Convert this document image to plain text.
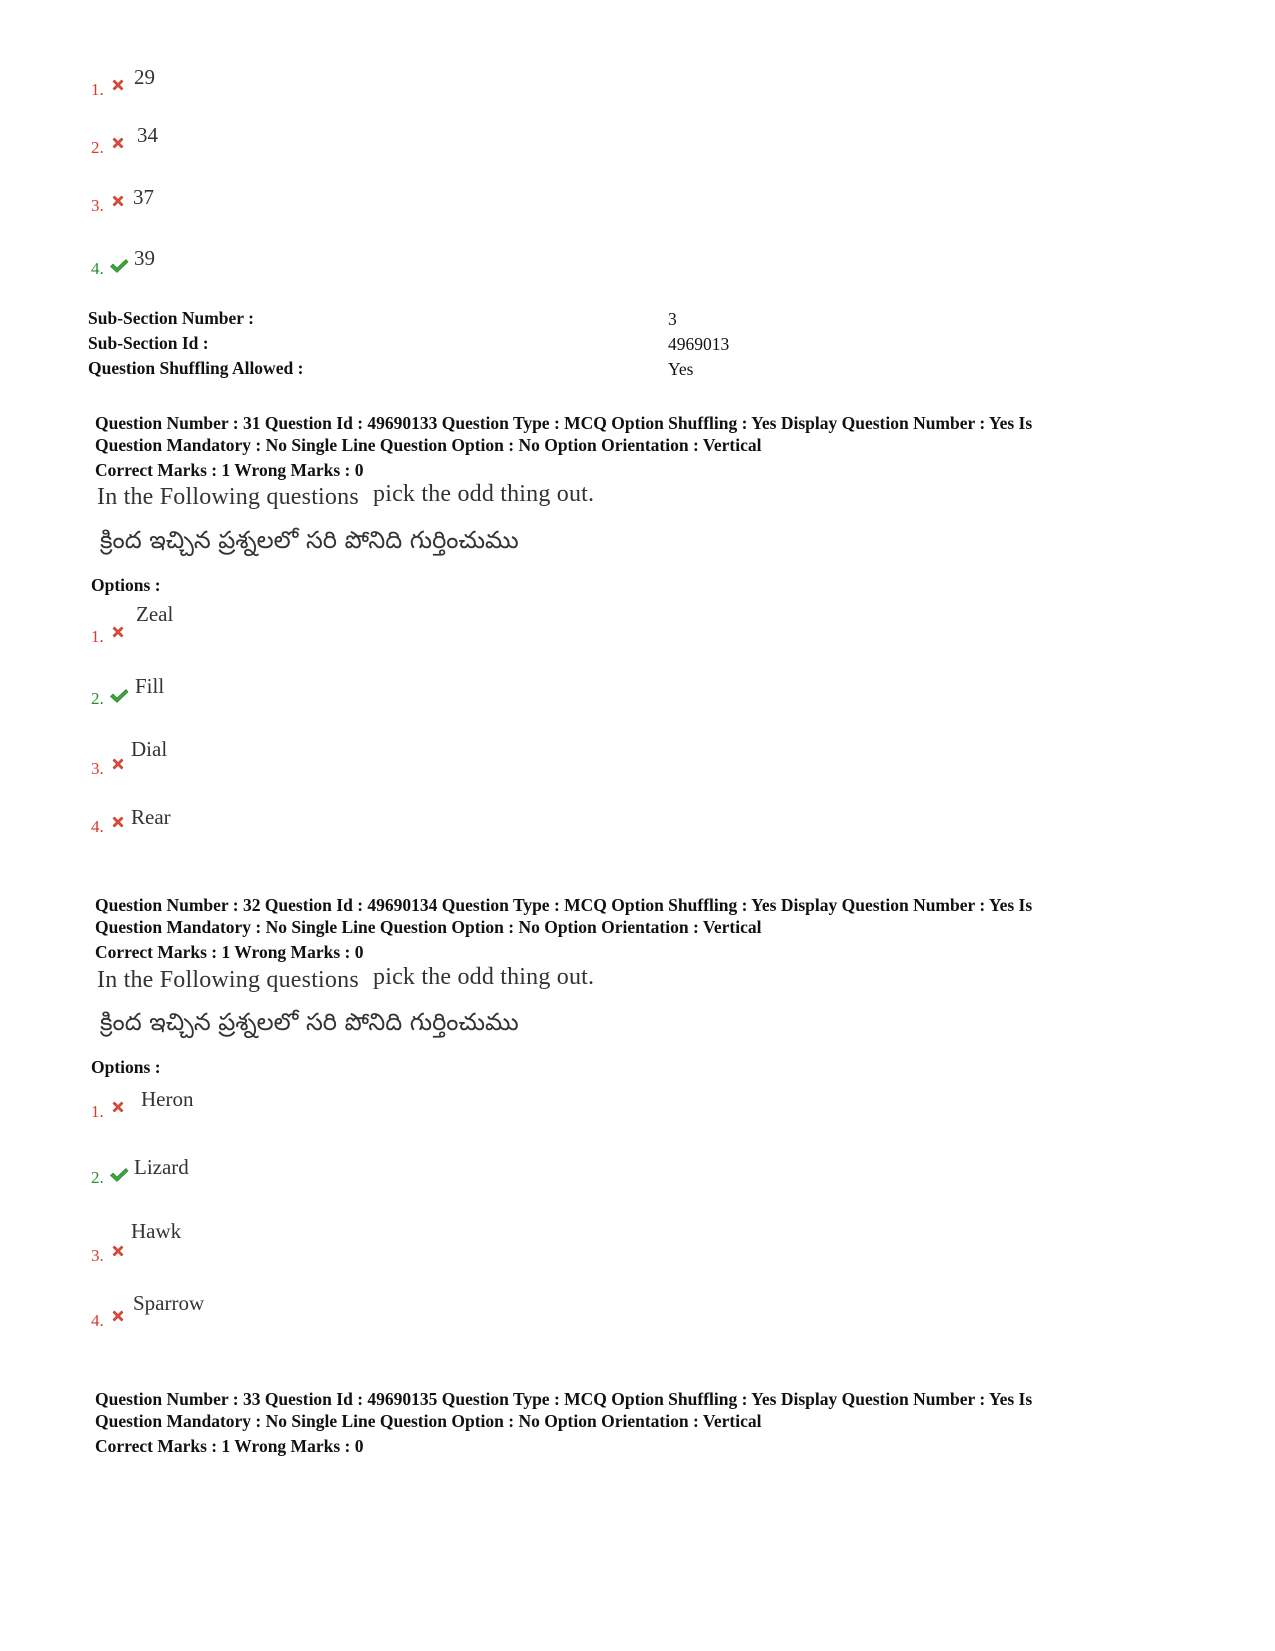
1.
29
2.
34
3. 37
4. 39
Sub-Section Number :	3
Sub-Section Id :	4969013
Question Shuffling Allowed :	Yes
Question Number : 31 Question Id : 49690133 Question Type : MCQ Option Shuffling : Yes Display Question Number : Yes Is
Question Mandatory : No Single Line Question Option : No Option Orientation : Vertical
Correct Marks : 1 Wrong Marks : 0
In the Following questions pick the odd thing out.
క్రింద ఇచ్చిన ప్రశ్నలలో సరి పోనిది గుర్తించుము
Options :
1.
Zeal
2.
Fill
3.
Dial
4. Rear
Question Number : 32 Question Id : 49690134 Question Type : MCQ Option Shuffling : Yes Display Question Number : Yes Is
Question Mandatory : No Single Line Question Option : No Option Orientation : Vertical
Correct Marks : 1 Wrong Marks : 0
In the Following questions pick the odd thing out.
క్రింద ఇచ్చిన ప్రశ్నలలో సరి పోనిది గుర్తించుము
Options :
1.
Heron
2. Lizard
3.
Hawk
4.
Sparrow
Question Number : 33 Question Id : 49690135 Question Type : MCQ Option Shuffling : Yes Display Question Number : Yes Is
Question Mandatory : No Single Line Question Option : No Option Orientation : Vertical
Correct Marks : 1 Wrong Marks : 0
